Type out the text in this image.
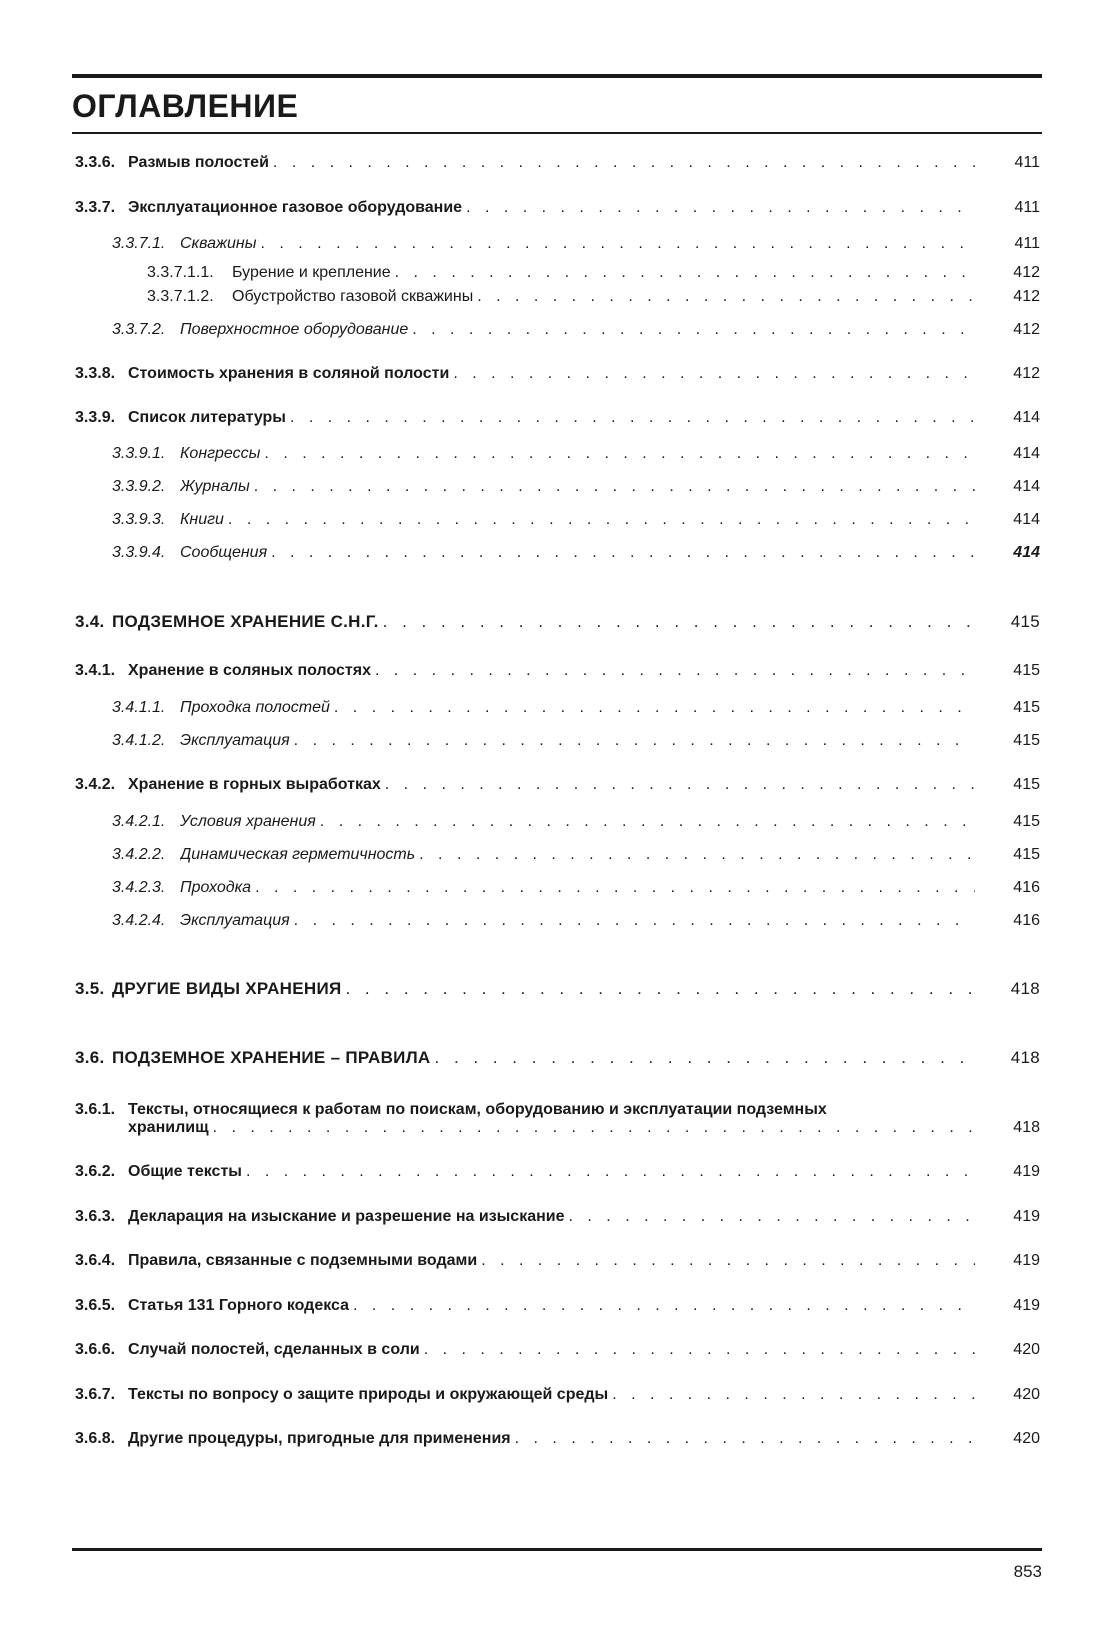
ОГЛАВЛЕНИЕ
3.3.6. Размыв полостей . . .	411
3.3.7. Эксплуатационное газовое оборудование . . .	411
3.3.7.1. Скважины . . .	411
3.3.7.1.1. Бурение и крепление . . .	412
3.3.7.1.2. Обустройство газовой скважины . . .	412
3.3.7.2. Поверхностное оборудование . . .	412
3.3.8. Стоимость хранения в соляной полости . . .	412
3.3.9. Список литературы . . .	414
3.3.9.1. Конгрессы . . .	414
3.3.9.2. Журналы . . .	414
3.3.9.3. Книги . . .	414
3.3.9.4. Сообщения . . .	414
3.4. ПОДЗЕМНОЕ ХРАНЕНИЕ С.Н.Г. . . .	415
3.4.1. Хранение в соляных полостях . . .	415
3.4.1.1. Проходка полостей . . .	415
3.4.1.2. Эксплуатация . . .	415
3.4.2. Хранение в горных выработках . . .	415
3.4.2.1. Условия хранения . . .	415
3.4.2.2. Динамическая герметичность . . .	415
3.4.2.3. Проходка . . .	416
3.4.2.4. Эксплуатация . . .	416
3.5. ДРУГИЕ ВИДЫ ХРАНЕНИЯ . . .	418
3.6. ПОДЗЕМНОЕ ХРАНЕНИЕ – ПРАВИЛА . . .	418
3.6.1. Тексты, относящиеся к работам по поискам, оборудованию и эксплуатации подземных
хранилищ . . .	418
3.6.2. Общие тексты . . .	419
3.6.3. Декларация на изыскание и разрешение на изыскание . . .	419
3.6.4. Правила, связанные с подземными водами . . .	419
3.6.5. Статья 131 Горного кодекса . . .	419
3.6.6. Случай полостей, сделанных в соли . . .	420
3.6.7. Тексты по вопросу о защите природы и окружающей среды . . .	420
3.6.8. Другие процедуры, пригодные для применения . . .	420

853
